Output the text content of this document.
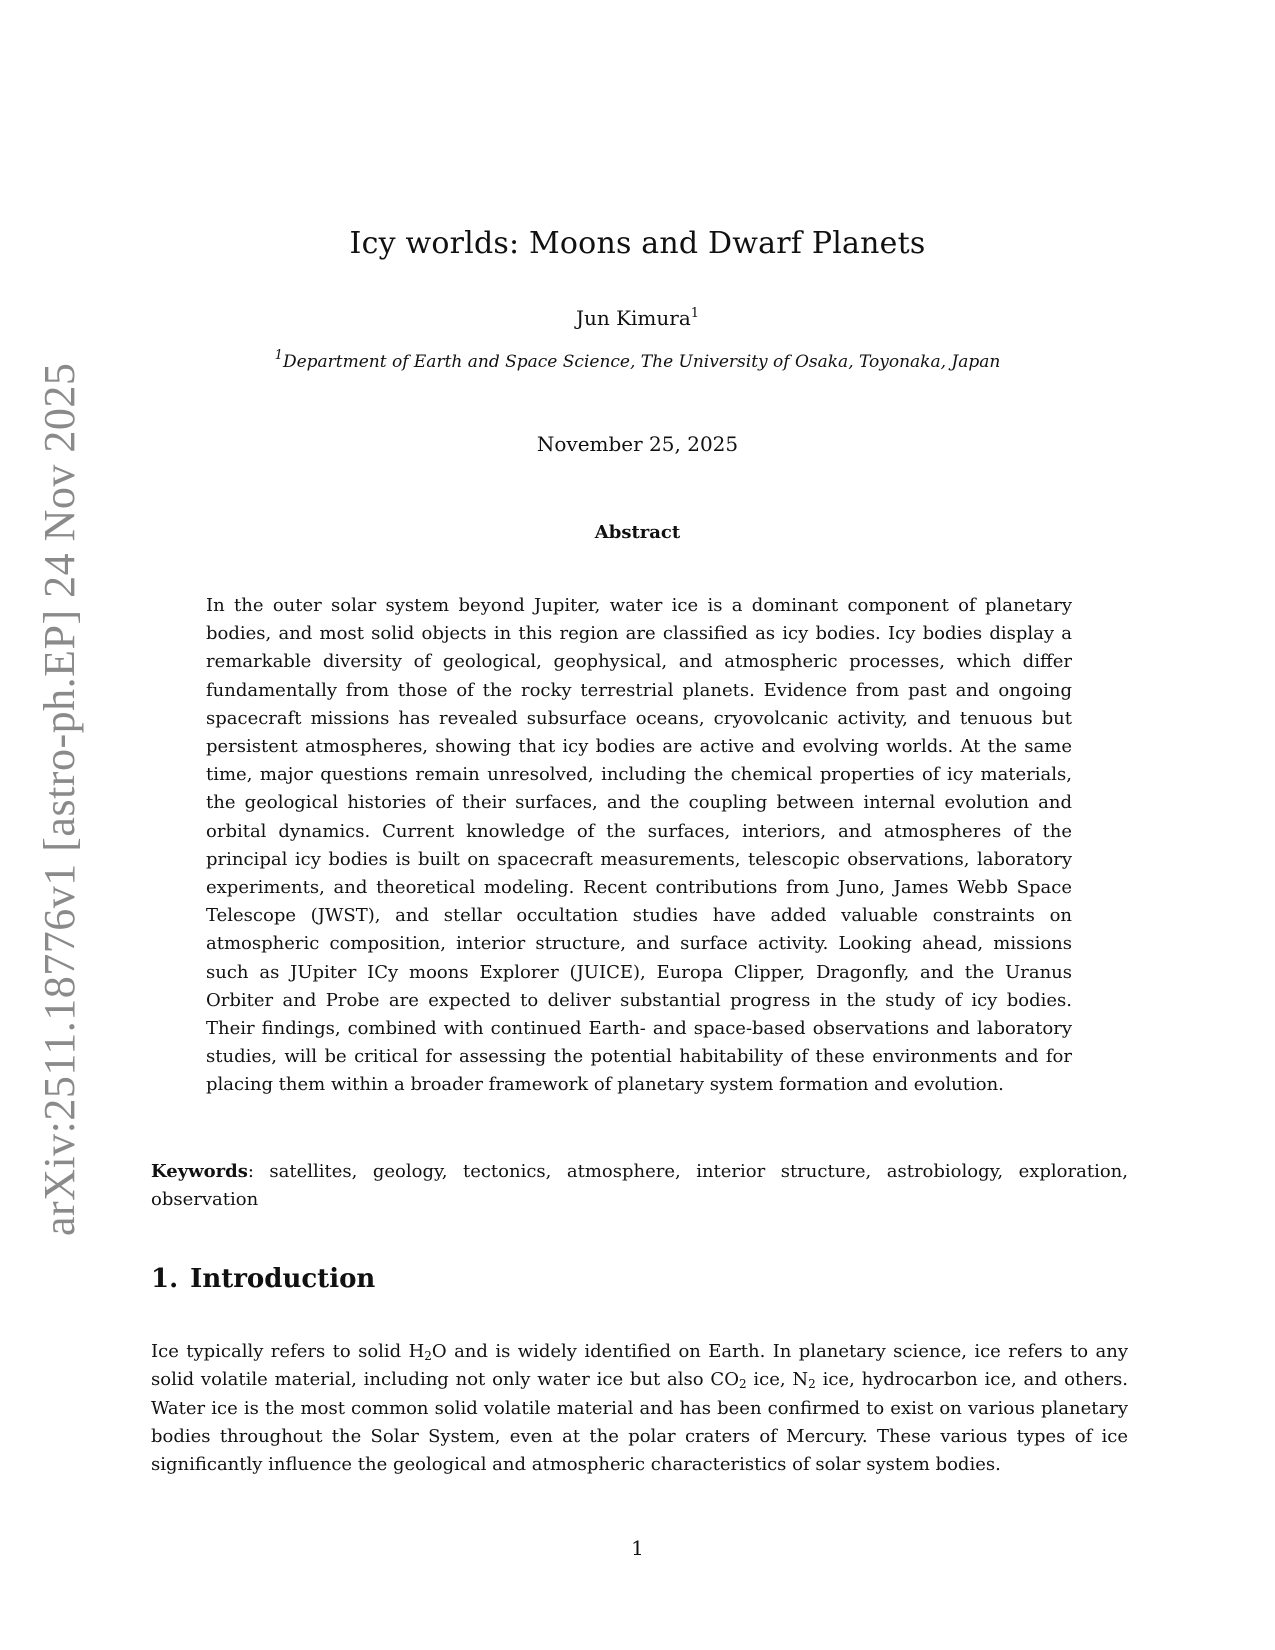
arXiv:2511.18776v1 [astro-ph.EP] 24 Nov 2025
Icy worlds: Moons and Dwarf Planets
Jun Kimura$^1$
$^1$Department of Earth and Space Science, The University of Osaka, Toyonaka, Japan
November 25, 2025
Abstract

In the outer solar system beyond Jupiter, water ice is a dominant component of planetary bodies, and most solid objects in this region are classified as icy bodies. Icy bodies display a remarkable diversity of geological, geophysical, and atmospheric processes, which differ fundamentally from those of the rocky terrestrial planets. Evidence from past and ongoing spacecraft missions has revealed subsurface oceans, cryovolcanic activity, and tenuous but persistent atmospheres, showing that icy bodies are active and evolving worlds. At the same time, major questions remain unresolved, including the chemical properties of icy materials, the geological histories of their surfaces, and the coupling between internal evolution and orbital dynamics. Current knowledge of the surfaces, interiors, and atmospheres of the principal icy bodies is built on spacecraft measurements, telescopic observations, laboratory experiments, and theoretical modeling. Recent contributions from Juno, James Webb Space Telescope (JWST), and stellar occultation studies have added valuable constraints on atmospheric composition, interior structure, and surface activity. Looking ahead, missions such as JUpiter ICy moons Explorer (JUICE), Europa Clipper, Dragonfly, and the Uranus Orbiter and Probe are expected to deliver substantial progress in the study of icy bodies. Their findings, combined with continued Earth- and space-based observations and laboratory studies, will be critical for assessing the potential habitability of these environments and for placing them within a broader framework of planetary system formation and evolution.

Keywords: satellites, geology, tectonics, atmosphere, interior structure, astrobiology, exploration, observation

1. Introduction

Ice typically refers to solid $H_2O$ and is widely identified on Earth. In planetary science, ice refers to any solid volatile material, including not only water ice but also $CO_2$ ice, $N_2$ ice, hydrocarbon ice, and others. Water ice is the most common solid volatile material and has been confirmed to exist on various planetary bodies throughout the Solar System, even at the polar craters of Mercury. These various types of ice significantly influence the geological and atmospheric characteristics of solar system bodies.

1
